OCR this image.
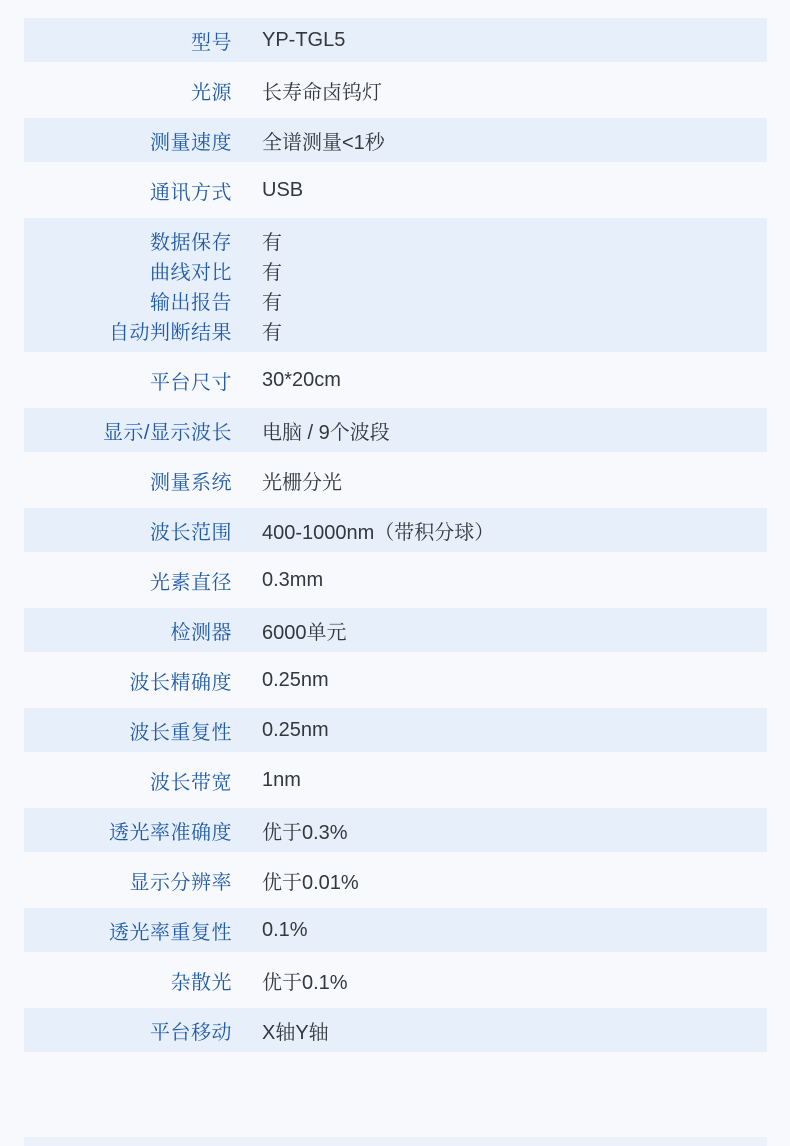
型号 YP-TGL5
光源 长寿命卤钨灯
测量速度 全谱测量<1秒
通讯方式 USB
数据保存 有
曲线对比 有
输出报告 有
自动判断结果 有
平台尺寸 30*20cm
显示/显示波长 电脑 / 9个波段
测量系统 光栅分光
波长范围 400-1000nm（带积分球）
光素直径 0.3mm
检测器 6000单元
波长精确度 0.25nm
波长重复性 0.25nm
波长带宽 1nm
透光率准确度 优于0.3%
显示分辨率 优于0.01%
透光率重复性 0.1%
杂散光 优于0.1%
平台移动 X轴Y轴
